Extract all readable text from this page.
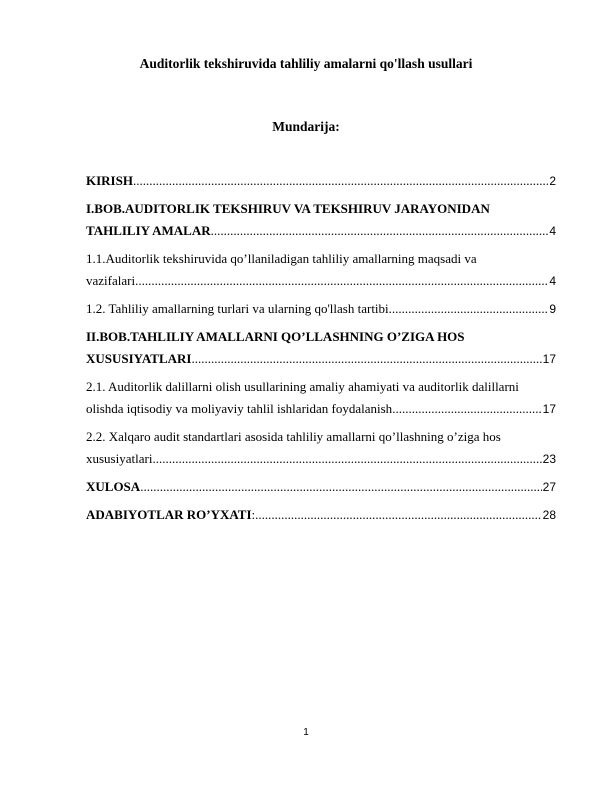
Auditorlik tekshiruvida tahliliy amalarni qo'llash usullari
Mundarija:
KIRISH .....	2
I.BOB.AUDITORLIK TEKSHIRUV VA TEKSHIRUV JARAYONIDAN
TAHLILIY AMALAR .....	4
1.1.Auditorlik tekshiruvida qo’llaniladigan tahliliy amallarning maqsadi va
vazifalari .....	4
1.2. Tahliliy amallarning turlari va ularning qo'llash tartibi .....	9
II.BOB.TAHLILIY AMALLARNI QO’LLASHNING O’ZIGA HOS
XUSUSIYATLARI .....	17
2.1. Auditorlik dalillarni olish usullarining amaliy ahamiyati va auditorlik dalillarni
olishda iqtisodiy va moliyaviy tahlil ishlaridan foydalanish .....	17
2.2. Xalqaro audit standartlari asosida tahliliy amallarni qo’llashning o’ziga hos
xususiyatlari .....	23
XULOSA .....	27
ADABIYOTLAR RO’YXATI : .....	28
1
